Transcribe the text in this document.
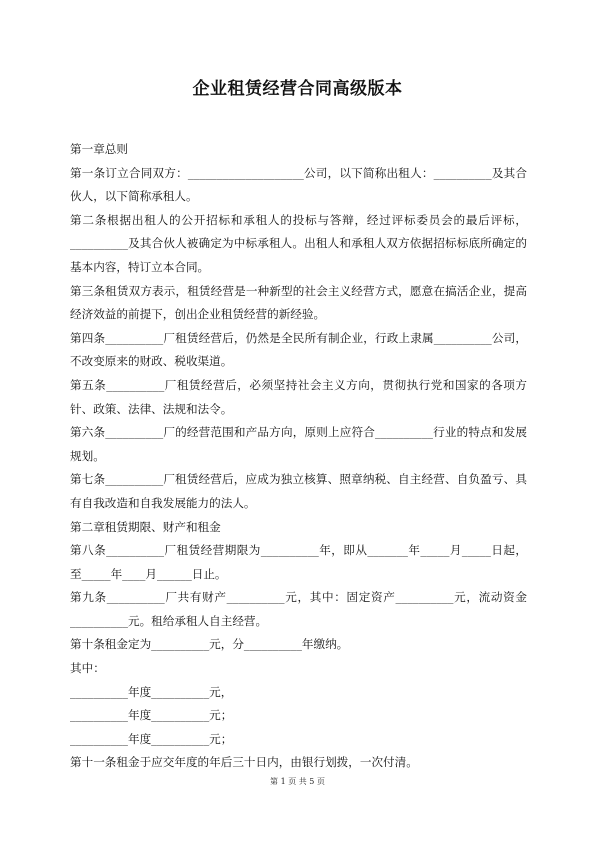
企业租赁经营合同高级版本

第一章总则

第一条订立合同双方：____________________公司，以下简称出租人：__________及其合伙人，以下简称承租人。

第二条根据出租人的公开招标和承租人的投标与答辩，经过评标委员会的最后评标，__________及其合伙人被确定为中标承租人。出租人和承租人双方依据招标标底所确定的基本内容，特订立本合同。

第三条租赁双方表示，租赁经营是一种新型的社会主义经营方式，愿意在搞活企业，提高经济效益的前提下，创出企业租赁经营的新经验。

第四条__________厂租赁经营后，仍然是全民所有制企业，行政上隶属__________公司，不改变原来的财政、税收渠道。

第五条__________厂租赁经营后，必须坚持社会主义方向，贯彻执行党和国家的各项方针、政策、法律、法规和法令。

第六条__________厂的经营范围和产品方向，原则上应符合__________行业的特点和发展规划。

第七条__________厂租赁经营后，应成为独立核算、照章纳税、自主经营、自负盈亏、具有自我改造和自我发展能力的法人。

第二章租赁期限、财产和租金

第八条__________厂租赁经营期限为__________年，即从_______年_____月_____日起，至_____年____月______日止。

第九条__________厂共有财产__________元，其中：固定资产__________元，流动资金__________元。租给承租人自主经营。

第十条租金定为__________元，分__________年缴纳。

其中：

__________年度__________元，

__________年度__________元；

__________年度__________元；

第十一条租金于应交年度的年后三十日内，由银行划拨，一次付清。

第 1 页 共 5 页
